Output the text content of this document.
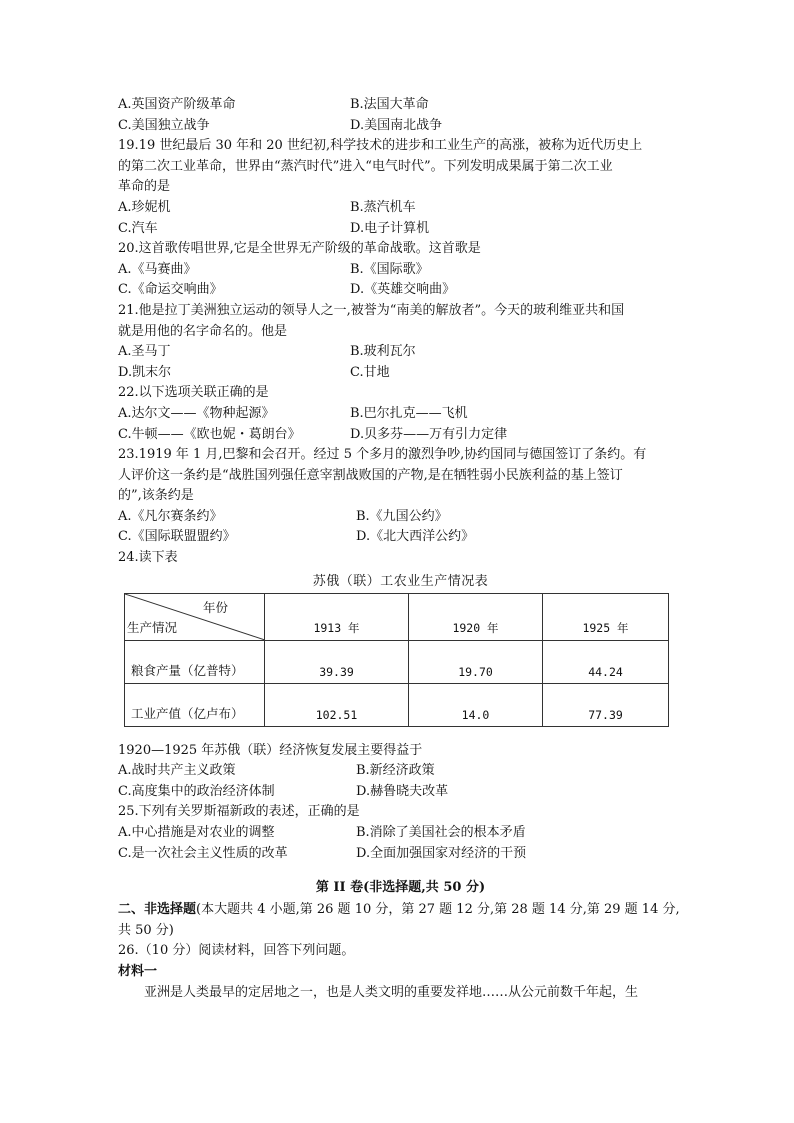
A.英国资产阶级革命	B.法国大革命
C.美国独立战争	D.美国南北战争
19.19 世纪最后 30 年和 20 世纪初,科学技术的进步和工业生产的高涨，被称为近代历史上
的第二次工业革命，世界由“蒸汽时代”进入“电气时代”。下列发明成果属于第二次工业
革命的是
A.珍妮机	B.蒸汽机车
C.汽车	D.电子计算机
20.这首歌传唱世界,它是全世界无产阶级的革命战歌。这首歌是
A.《马赛曲》	B.《国际歌》
C.《命运交响曲》	D.《英雄交响曲》
21.他是拉丁美洲独立运动的领导人之一,被誉为“南美的解放者”。今天的玻利维亚共和国
就是用他的名字命名的。他是
A.圣马丁	B.玻利瓦尔
D.凯末尔	C.甘地
22.以下选项关联正确的是
A.达尔文——《物种起源》	B.巴尔扎克——飞机
C.牛顿——《欧也妮・葛朗台》	D.贝多芬——万有引力定律
23.1919 年 1 月,巴黎和会召开。经过 5 个多月的激烈争吵,协约国同与德国签订了条约。有
人评价这一条约是“战胜国列强任意宰割战败国的产物,是在牺牲弱小民族利益的基上签订
的”,该条约是
A.《凡尔赛条约》	B.《九国公约》
C.《国际联盟盟约》	D.《北大西洋公约》
24.读下表
苏俄（联）工农业生产情况表
年份
生产情况	1913 年	1920 年	1925 年
粮食产量（亿普特）	39.39	19.70	44.24
工业产值（亿卢布）	102.51	14.0	77.39
1920—1925 年苏俄（联）经济恢复发展主要得益于
A.战时共产主义政策	B.新经济政策
C.高度集中的政治经济体制	D.赫鲁晓夫改革
25.下列有关罗斯福新政的表述，正确的是
A.中心措施是对农业的调整	B.消除了美国社会的根本矛盾
C.是一次社会主义性质的改革	D.全面加强国家对经济的干预
第 II 卷(非选择题,共 50 分)
二、非选择题(本大题共 4 小题,第 26 题 10 分，第 27 题 12 分,第 28 题 14 分,第 29 题 14 分,
共 50 分)
26.（10 分）阅读材料，回答下列问题。
材料一
亚洲是人类最早的定居地之一，也是人类文明的重要发祥地……从公元前数千年起，生
